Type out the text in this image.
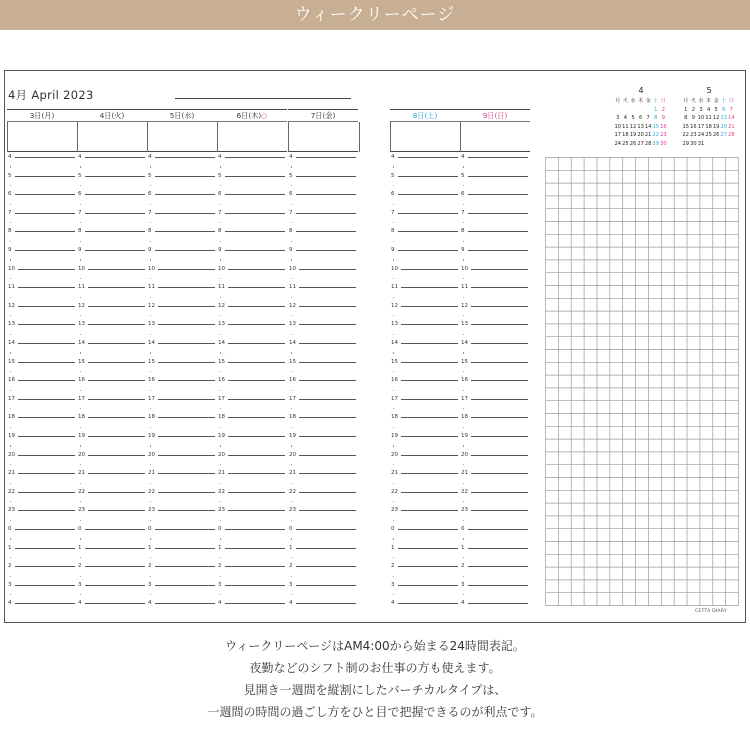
ウィークリーページ
4月 April 2023
3日(月)
4
5
6
7
8
9
10
11
12
13
14
15
16
17
18
19
20
21
22
23
0
1
2
3
4
4日(火)
4
5
6
7
8
9
10
11
12
13
14
15
16
17
18
19
20
21
22
23
0
1
2
3
4
5日(水)
4
5
6
7
8
9
10
11
12
13
14
15
16
17
18
19
20
21
22
23
0
1
2
3
4
6日(木)○
4
5
6
7
8
9
10
11
12
13
14
15
16
17
18
19
20
21
22
23
0
1
2
3
4
7日(金)
4
5
6
7
8
9
10
11
12
13
14
15
16
17
18
19
20
21
22
23
0
1
2
3
4
8日(土)
4
5
6
7
8
9
10
11
12
13
14
15
16
17
18
19
20
21
22
23
0
1
2
3
4
9日(日)
4
5
6
7
8
9
10
11
12
13
14
15
16
17
18
19
20
21
22
23
0
1
2
3
4
4
月 火 水 木 金 土 日
1 2
3 4 5 6 7 8 9
10111213141516
17181920212223
24252627282930
5
月 火 水 木 金 土 日
1 2 3 4 5 6 7
8 9 1011121314
15161718192021
22232425262728
293031
CETTA DIARY
ウィークリーページはAM4:00から始まる24時間表記。
夜勤などのシフト制のお仕事の方も使えます。
見開き一週間を縦割にしたバーチカルタイプは、
一週間の時間の過ごし方をひと目で把握できるのが利点です。
